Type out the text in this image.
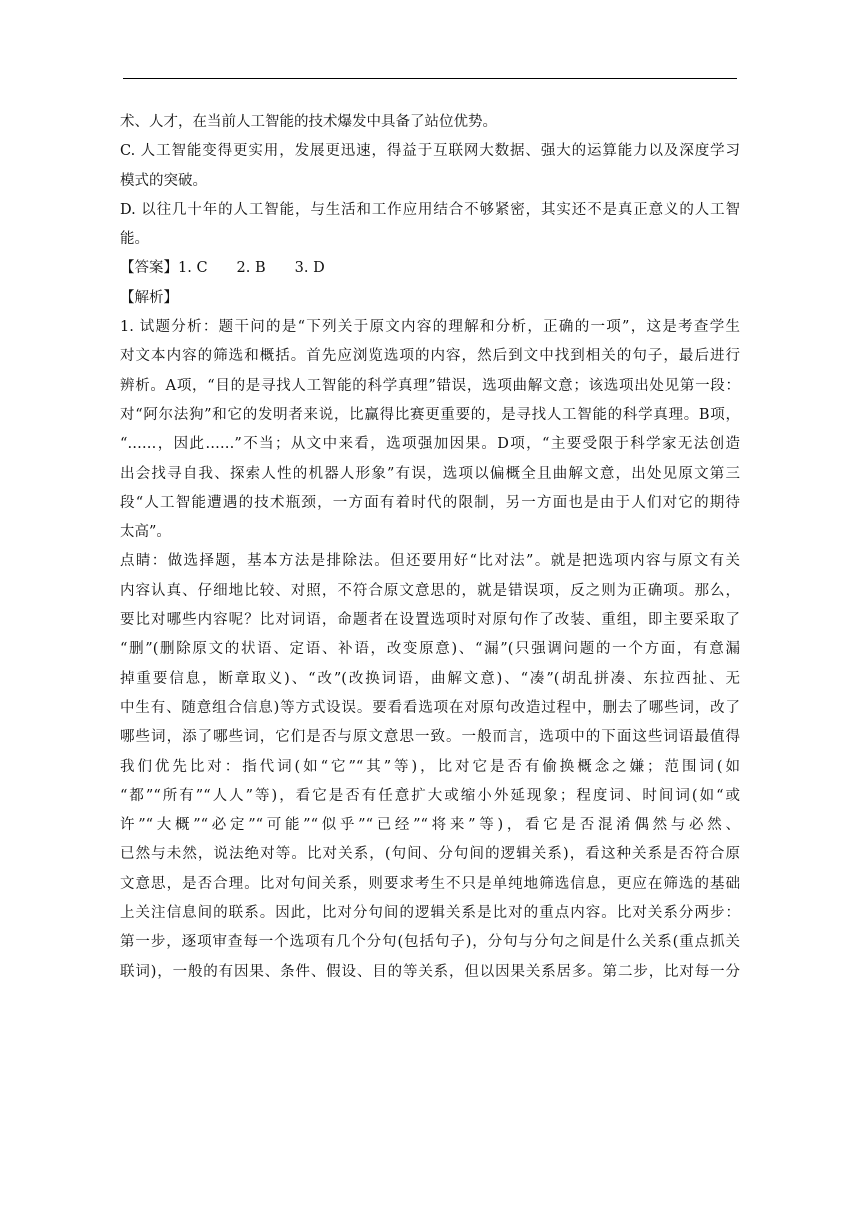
术、人才，在当前人工智能的技术爆发中具备了站位优势。
C. 人工智能变得更实用，发展更迅速，得益于互联网大数据、强大的运算能力以及深度学习
模式的突破。
D. 以往几十年的人工智能，与生活和工作应用结合不够紧密，其实还不是真正意义的人工智
能。
【答案】1. C　　2. B　　3. D
【解析】
1. 试题分析：题干问的是“下列关于原文内容的理解和分析，正确的一项”，这是考查学生
对文本内容的筛选和概括。首先应浏览选项的内容，然后到文中找到相关的句子，最后进行
辨析。A项，“目的是寻找人工智能的科学真理”错误，选项曲解文意；该选项出处见第一段：
对“阿尔法狗”和它的发明者来说，比赢得比赛更重要的，是寻找人工智能的科学真理。B项，
“……，因此……”不当；从文中来看，选项强加因果。D项，“主要受限于科学家无法创造
出会找寻自我、探索人性的机器人形象”有误，选项以偏概全且曲解文意，出处见原文第三
段“人工智能遭遇的技术瓶颈，一方面有着时代的限制，另一方面也是由于人们对它的期待
太高”。
点睛：做选择题，基本方法是排除法。但还要用好“比对法”。就是把选项内容与原文有关
内容认真、仔细地比较、对照，不符合原文意思的，就是错误项，反之则为正确项。那么，
要比对哪些内容呢？比对词语，命题者在设置选项时对原句作了改装、重组，即主要采取了
“删”(删除原文的状语、定语、补语，改变原意)、“漏”(只强调问题的一个方面，有意漏
掉重要信息，断章取义)、“改”(改换词语，曲解文意)、“凑”(胡乱拼凑、东拉西扯、无
中生有、随意组合信息)等方式设误。要看看选项在对原句改造过程中，删去了哪些词，改了
哪些词，添了哪些词，它们是否与原文意思一致。一般而言，选项中的下面这些词语最值得
我们优先比对：指代词(如“它”“其”等)，比对它是否有偷换概念之嫌；范围词(如
“都”“所有”“人人”等)，看它是否有任意扩大或缩小外延现象；程度词、时间词(如“或
许”“大概”“必定”“可能”“似乎”“已经”“将来”等)，看它是否混淆偶然与必然、
已然与未然，说法绝对等。比对关系，(句间、分句间的逻辑关系)，看这种关系是否符合原
文意思，是否合理。比对句间关系，则要求考生不只是单纯地筛选信息，更应在筛选的基础
上关注信息间的联系。因此，比对分句间的逻辑关系是比对的重点内容。比对关系分两步：
第一步，逐项审查每一个选项有几个分句(包括句子)，分句与分句之间是什么关系(重点抓关
联词)，一般的有因果、条件、假设、目的等关系，但以因果关系居多。第二步，比对每一分
